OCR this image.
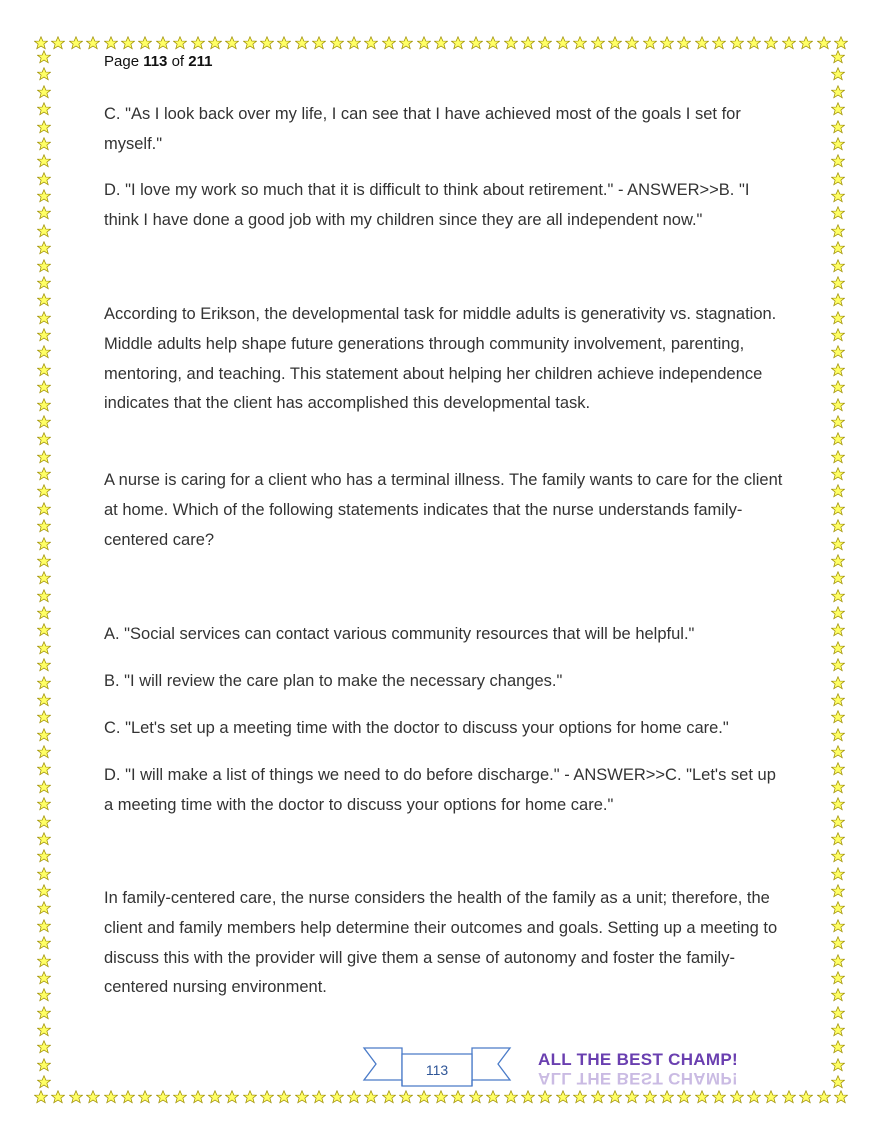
Page 113 of 211

C. "As I look back over my life, I can see that I have achieved most of the goals I set for myself."

D. "I love my work so much that it is difficult to think about retirement." - ANSWER>>B. "I think I have done a good job with my children since they are all independent now."

According to Erikson, the developmental task for middle adults is generativity vs. stagnation. Middle adults help shape future generations through community involvement, parenting, mentoring, and teaching. This statement about helping her children achieve independence indicates that the client has accomplished this developmental task.

A nurse is caring for a client who has a terminal illness. The family wants to care for the client at home. Which of the following statements indicates that the nurse understands family-centered care?

A. "Social services can contact various community resources that will be helpful."

B. "I will review the care plan to make the necessary changes."

C. "Let's set up a meeting time with the doctor to discuss your options for home care."

D. "I will make a list of things we need to do before discharge." - ANSWER>>C. "Let's set up a meeting time with the doctor to discuss your options for home care."

In family-centered care, the nurse considers the health of the family as a unit; therefore, the client and family members help determine their outcomes and goals. Setting up a meeting to discuss this with the provider will give them a sense of autonomy and foster the family-centered nursing environment.

113
ALL THE BEST CHAMP!
ALL THE BEST CHAMP!
